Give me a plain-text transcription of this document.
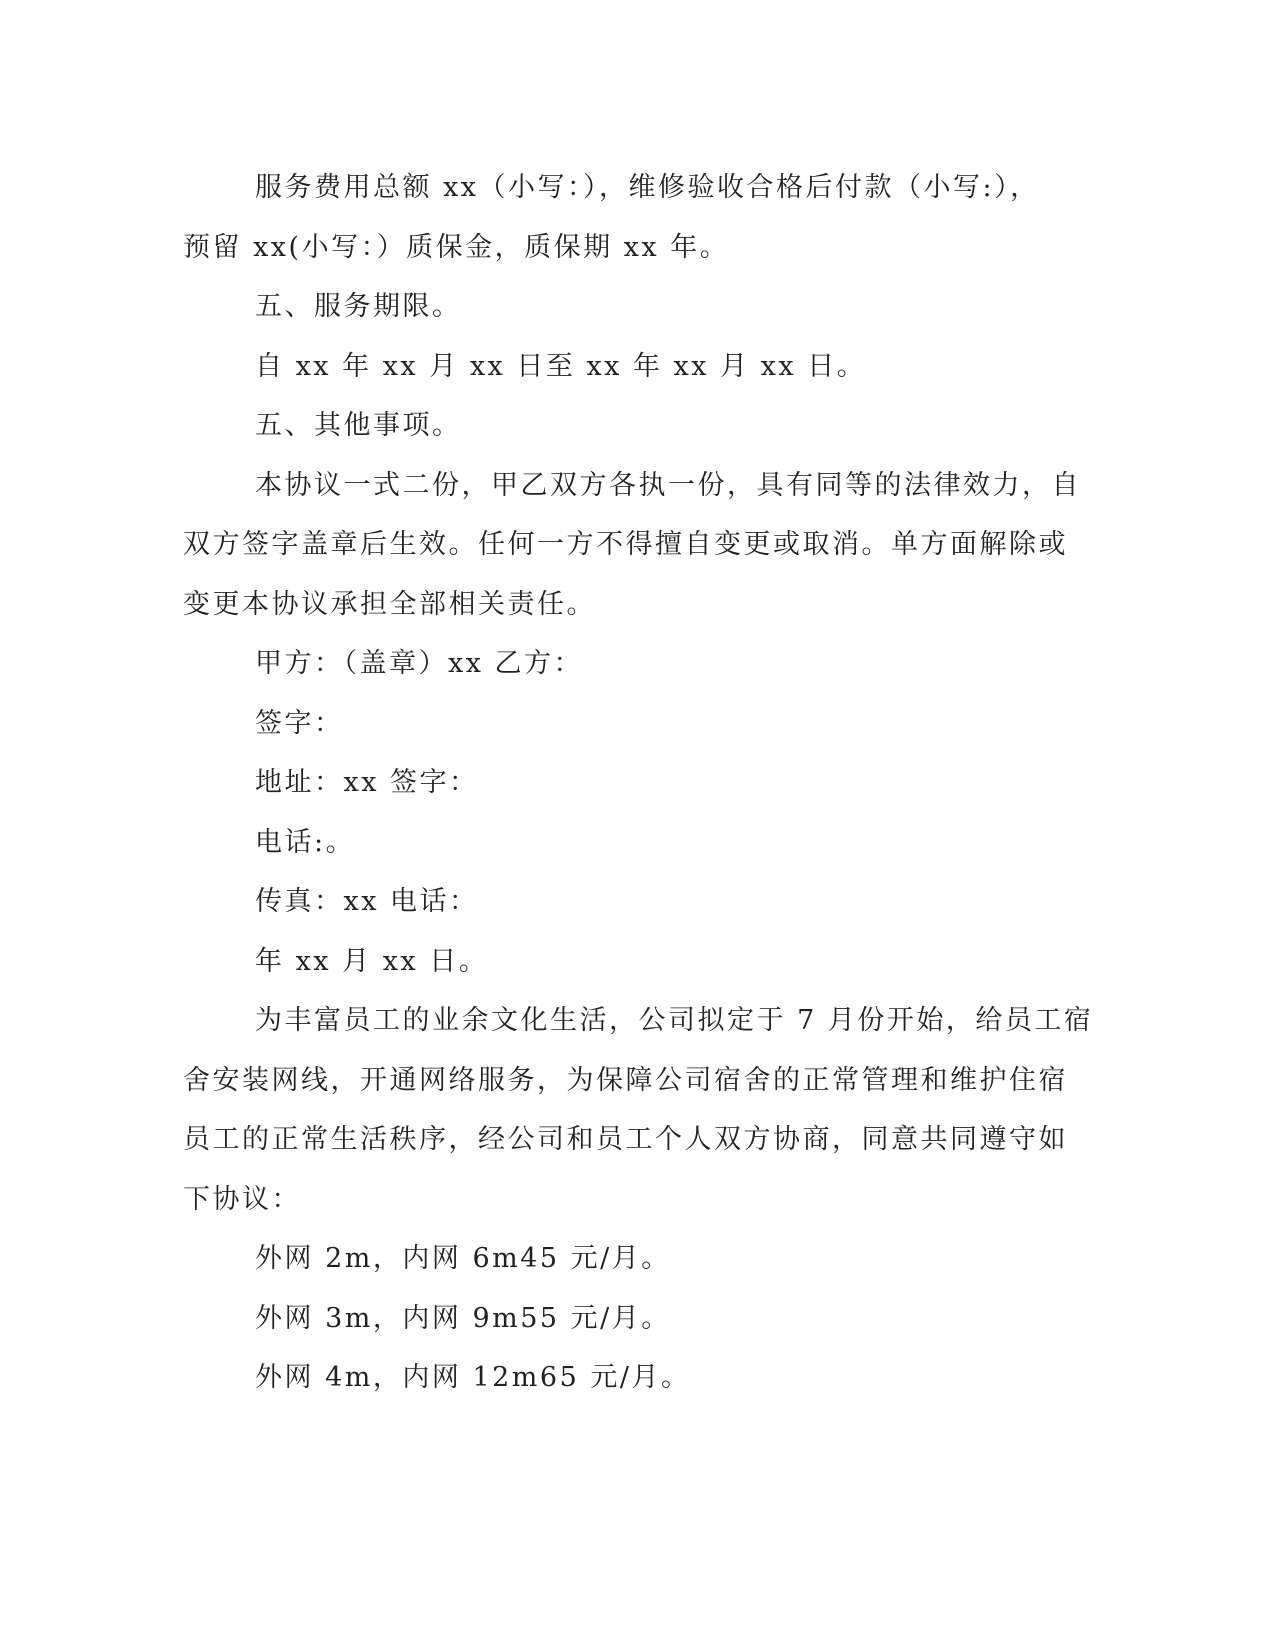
服务费用总额 xx（小写：），维修验收合格后付款（小写:），
预留 xx(小写：）质保金，质保期 xx 年。
五、服务期限。
自 xx 年 xx 月 xx 日至 xx 年 xx 月 xx 日。
五、其他事项。
本协议一式二份，甲乙双方各执一份，具有同等的法律效力，自
双方签字盖章后生效。任何一方不得擅自变更或取消。单方面解除或
变更本协议承担全部相关责任。
甲方：（盖章）xx 乙方：
签字：
地址：xx 签字：
电话:。
传真：xx 电话：
年 xx 月 xx 日。
为丰富员工的业余文化生活，公司拟定于 7 月份开始，给员工宿
舍安装网线，开通网络服务，为保障公司宿舍的正常管理和维护住宿
员工的正常生活秩序，经公司和员工个人双方协商，同意共同遵守如
下协议：
外网 2m，内网 6m45 元/月。
外网 3m，内网 9m55 元/月。
外网 4m，内网 12m65 元/月。
